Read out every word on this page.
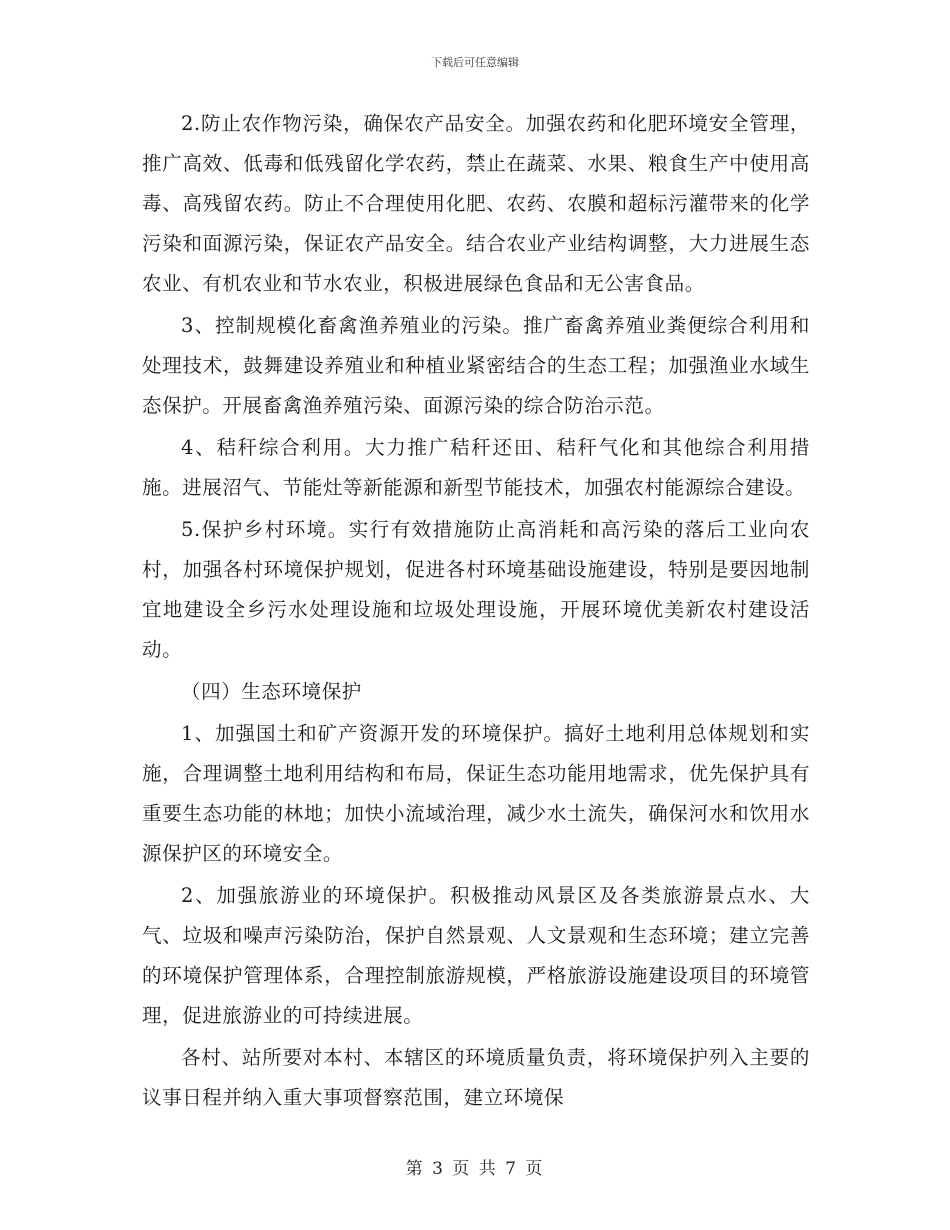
下载后可任意编辑

2.防止农作物污染，确保农产品安全。加强农药和化肥环境安全管理，推广高效、低毒和低残留化学农药，禁止在蔬菜、水果、粮食生产中使用高毒、高残留农药。防止不合理使用化肥、农药、农膜和超标污灌带来的化学污染和面源污染，保证农产品安全。结合农业产业结构调整，大力进展生态农业、有机农业和节水农业，积极进展绿色食品和无公害食品。

3、控制规模化畜禽渔养殖业的污染。推广畜禽养殖业粪便综合利用和处理技术，鼓舞建设养殖业和种植业紧密结合的生态工程；加强渔业水域生态保护。开展畜禽渔养殖污染、面源污染的综合防治示范。

4、秸秆综合利用。大力推广秸秆还田、秸秆气化和其他综合利用措施。进展沼气、节能灶等新能源和新型节能技术，加强农村能源综合建设。

5.保护乡村环境。实行有效措施防止高消耗和高污染的落后工业向农村，加强各村环境保护规划，促进各村环境基础设施建设，特别是要因地制宜地建设全乡污水处理设施和垃圾处理设施，开展环境优美新农村建设活动。

（四）生态环境保护

1、加强国土和矿产资源开发的环境保护。搞好土地利用总体规划和实施，合理调整土地利用结构和布局，保证生态功能用地需求，优先保护具有重要生态功能的林地；加快小流域治理，减少水土流失，确保河水和饮用水源保护区的环境安全。

2、加强旅游业的环境保护。积极推动风景区及各类旅游景点水、大气、垃圾和噪声污染防治，保护自然景观、人文景观和生态环境；建立完善的环境保护管理体系，合理控制旅游规模，严格旅游设施建设项目的环境管理，促进旅游业的可持续进展。

各村、站所要对本村、本辖区的环境质量负责，将环境保护列入主要的议事日程并纳入重大事项督察范围，建立环境保

第 3 页 共 7 页
